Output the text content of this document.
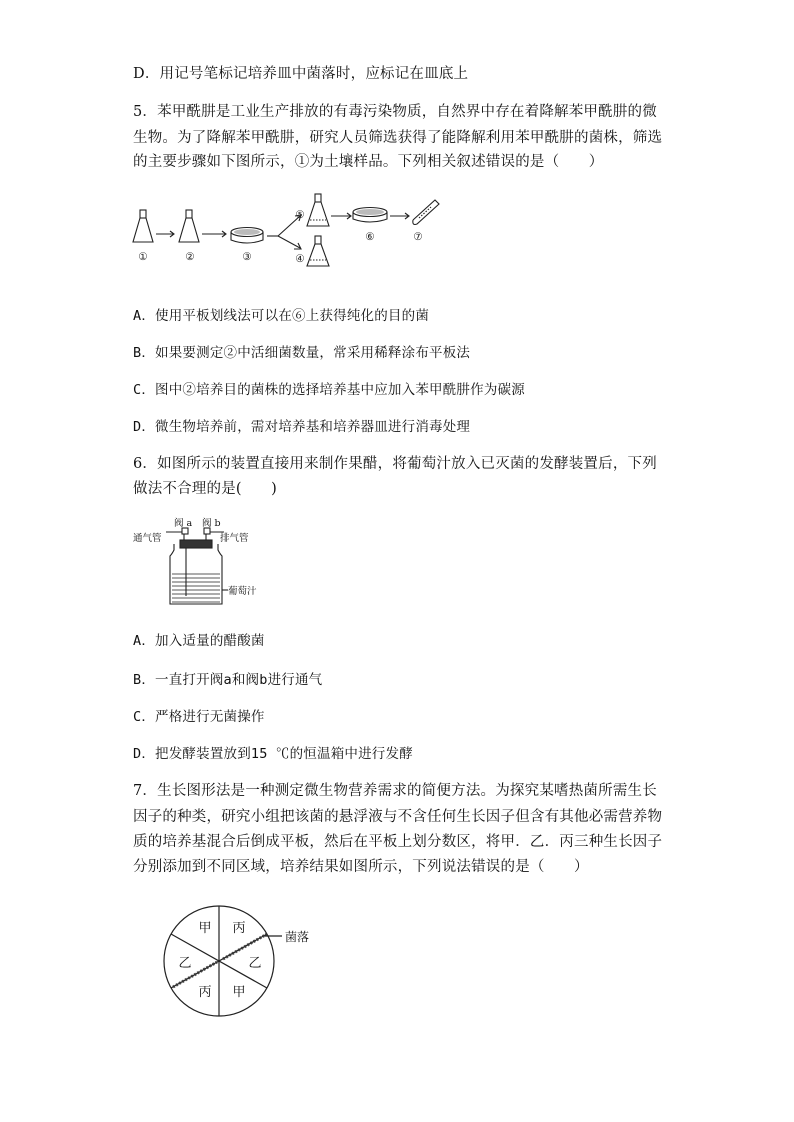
D．用记号笔标记培养皿中菌落时，应标记在皿底上
5．苯甲酰肼是工业生产排放的有毒污染物质，自然界中存在着降解苯甲酰肼的微
生物。为了降解苯甲酰肼，研究人员筛选获得了能降解利用苯甲酰肼的菌株，筛选
的主要步骤如下图所示，①为土壤样品。下列相关叙述错误的是（　　）
①	②	③	④
⑤
⑥	⑦
A．使用平板划线法可以在⑥上获得纯化的目的菌
B．如果要测定②中活细菌数量，常采用稀释涂布平板法
C．图中②培养目的菌株的选择培养基中应加入苯甲酰肼作为碳源
D．微生物培养前，需对培养基和培养器皿进行消毒处理
6．如图所示的装置直接用来制作果醋，将葡萄汁放入已灭菌的发酵装置后，下列
做法不合理的是(　　)
阀 a 阀 b
通气管	排气管
葡萄汁
A．加入适量的醋酸菌
B．一直打开阀a和阀b进行通气
C．严格进行无菌操作
D．把发酵装置放到15 ℃的恒温箱中进行发酵
7．生长图形法是一种测定微生物营养需求的简便方法。为探究某嗜热菌所需生长
因子的种类，研究小组把该菌的悬浮液与不含任何生长因子但含有其他必需营养物
质的培养基混合后倒成平板，然后在平板上划分数区，将甲．乙．丙三种生长因子
分别添加到不同区域，培养结果如图所示，下列说法错误的是（　　）
甲 丙
乙	乙
丙 甲
菌落
